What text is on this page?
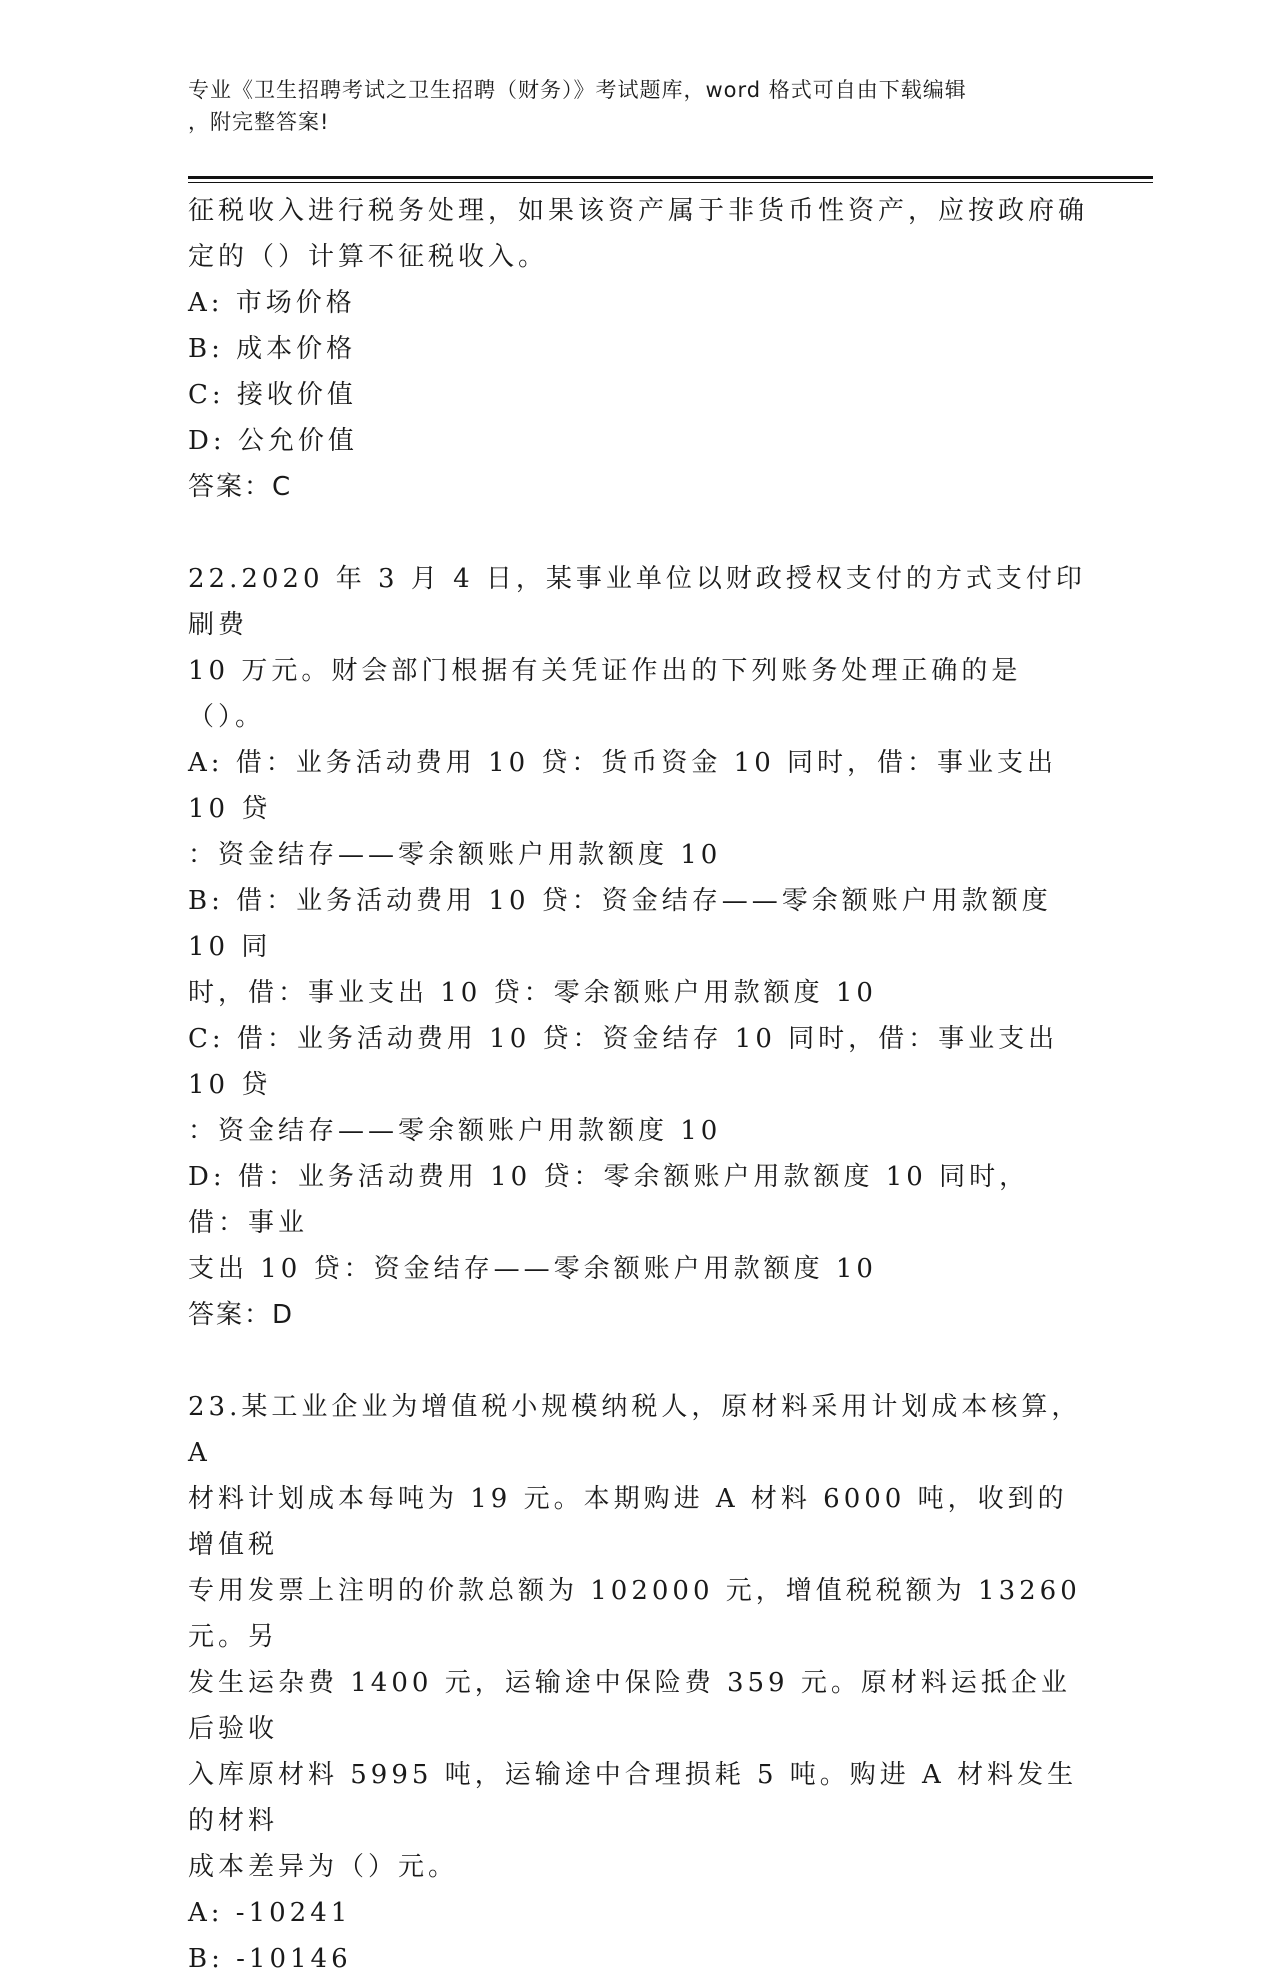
专业《卫生招聘考试之卫生招聘（财务）》考试题库，word 格式可自由下载编辑
，附完整答案!

征税收入进行税务处理，如果该资产属于非货币性资产，应按政府确

定的（）计算不征税收入。

A: 市场价格

B: 成本价格

C: 接收价值

D: 公允价值

答案：C

22.2020 年 3 月 4 日，某事业单位以财政授权支付的方式支付印刷费

10 万元。财会部门根据有关凭证作出的下列账务处理正确的是（）。

A: 借：业务活动费用 10 贷：货币资金 10 同时，借：事业支出 10 贷

：资金结存——零余额账户用款额度 10

B: 借：业务活动费用 10 贷：资金结存——零余额账户用款额度 10 同

时，借：事业支出 10 贷：零余额账户用款额度 10

C: 借：业务活动费用 10 贷：资金结存 10 同时，借：事业支出 10 贷

：资金结存——零余额账户用款额度 10

D: 借：业务活动费用 10 贷：零余额账户用款额度 10 同时，借：事业

支出 10 贷：资金结存——零余额账户用款额度 10

答案：D

23.某工业企业为增值税小规模纳税人，原材料采用计划成本核算，A

材料计划成本每吨为 19 元。本期购进 A 材料 6000 吨，收到的增值税

专用发票上注明的价款总额为 102000 元，增值税税额为 13260 元。另

发生运杂费 1400 元，运输途中保险费 359 元。原材料运抵企业后验收

入库原材料 5995 吨，运输途中合理损耗 5 吨。购进 A 材料发生的材料

成本差异为（）元。

A: -10241

B: -10146
